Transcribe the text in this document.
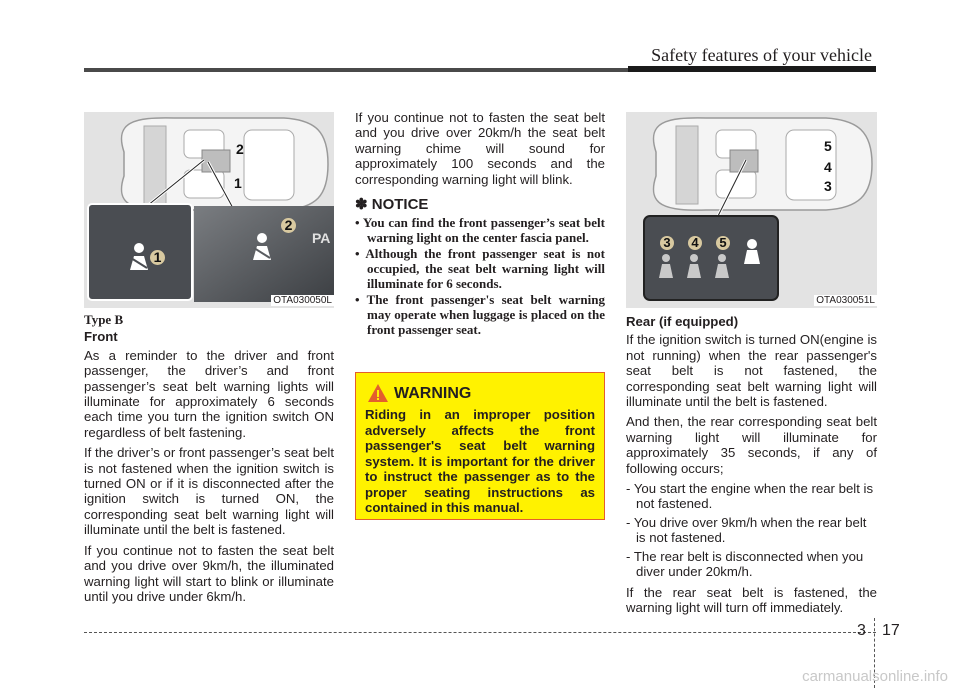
Safety features of your vehicle
2
1
2
1
PA
OTA030050L

Type B

Front

As a reminder to the driver and front passenger, the driver’s and front passenger’s seat belt warning lights will illuminate for approximately 6 seconds each time you turn the ignition switch ON regardless of belt fastening.

If the driver’s or front passenger’s seat belt is not fastened when the ignition switch is turned ON or if it is disconnected after the ignition switch is turned ON, the corresponding seat belt warning light will illuminate until the belt is fastened.

If you continue not to fasten the seat belt and you drive over 9km/h, the illuminated warning light will start to blink or illuminate until you drive under 6km/h.

If you continue not to fasten the seat belt and you drive over 20km/h the seat belt warning chime will sound for approximately 100 seconds and the corresponding warning light will blink.

✽ NOTICE

• You can find the front passenger’s seat belt warning light on the center fascia panel.
• Although the front passenger seat is not occupied, the seat belt warning light will illuminate for 6 seconds.
• The front passenger's seat belt warning may operate when luggage is placed on the front passenger seat.
WARNING
Riding in an improper position adversely affects the front passenger's seat belt warning system. It is important for the driver to instruct the passenger as to the proper seating instructions as contained in this manual.
5
4
3
3 4 5
OTA030051L

Rear (if equipped)

If the ignition switch is turned ON(engine is not running) when the rear passenger's seat belt is not fastened, the corresponding seat belt warning light will illuminate until the belt is fastened.

And then, the rear corresponding seat belt warning light will illuminate for approximately 35 seconds, if any of following occurs;

- You start the engine when the rear belt is not fastened.
- You drive over 9km/h when the rear belt is not fastened.
- The rear belt is disconnected when you diver under 20km/h.

If the rear seat belt is fastened, the warning light will turn off immediately.

3 17
carmanualsonline.info
